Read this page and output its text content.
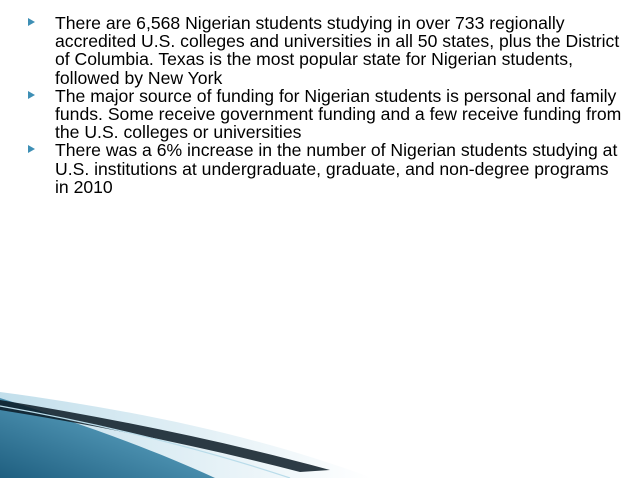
There are 6,568 Nigerian students studying in over 733 regionally accredited U.S. colleges and universities in all 50 states, plus the District of Columbia. Texas is the most popular state for Nigerian students, followed by New York
The major source of funding for Nigerian students is personal and family funds. Some receive government funding and a few receive funding from the U.S. colleges or universities
There was a 6% increase in the number of Nigerian students studying at U.S. institutions at undergraduate, graduate, and non-degree programs in 2010
